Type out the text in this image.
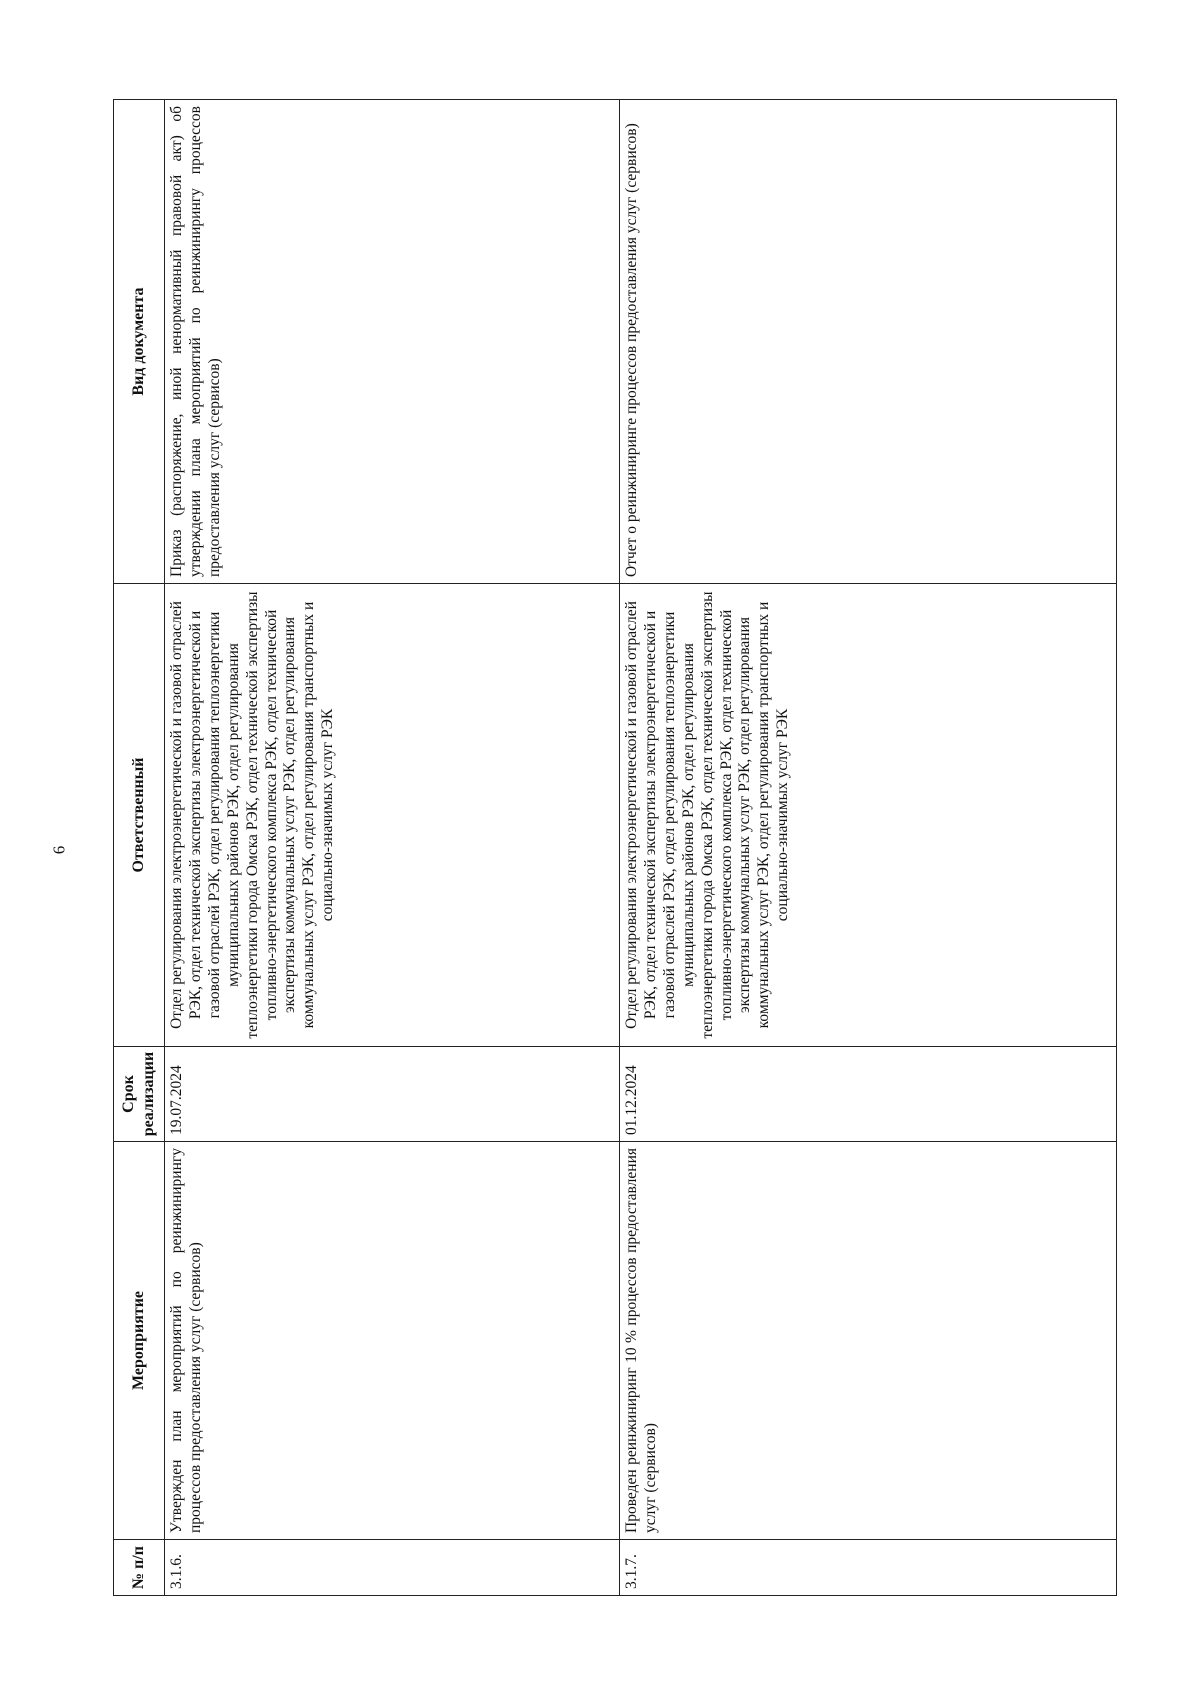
6
№ п/п	Мероприятие	Срок реализации	Ответственный	Вид документа
3.1.6.	Утвержден план мероприятий по реинжинирингу процессов предоставления услуг (сервисов)	19.07.2024	Отдел регулирования электроэнергетической и газовой отраслей РЭК, отдел технической экспертизы электроэнергетической и газовой отраслей РЭК, отдел регулирования теплоэнергетики муниципальных районов РЭК, отдел регулирования теплоэнергетики города Омска РЭК, отдел технической экспертизы топливно-энергетического комплекса РЭК, отдел технической экспертизы коммунальных услуг РЭК, отдел регулирования коммунальных услуг РЭК, отдел регулирования транспортных и социально-значимых услуг РЭК	Приказ (распоряжение, иной ненормативный правовой акт) об утверждении плана мероприятий по реинжинирингу процессов предоставления услуг (сервисов)
3.1.7.	Проведен реинжиниринг 10 % процессов предоставления услуг (сервисов)	01.12.2024	Отдел регулирования электроэнергетической и газовой отраслей РЭК, отдел технической экспертизы электроэнергетической и газовой отраслей РЭК, отдел регулирования теплоэнергетики муниципальных районов РЭК, отдел регулирования теплоэнергетики города Омска РЭК, отдел технической экспертизы топливно-энергетического комплекса РЭК, отдел технической экспертизы коммунальных услуг РЭК, отдел регулирования коммунальных услуг РЭК, отдел регулирования транспортных и социально-значимых услуг РЭК	Отчет о реинжиниринге процессов предоставления услуг (сервисов)
